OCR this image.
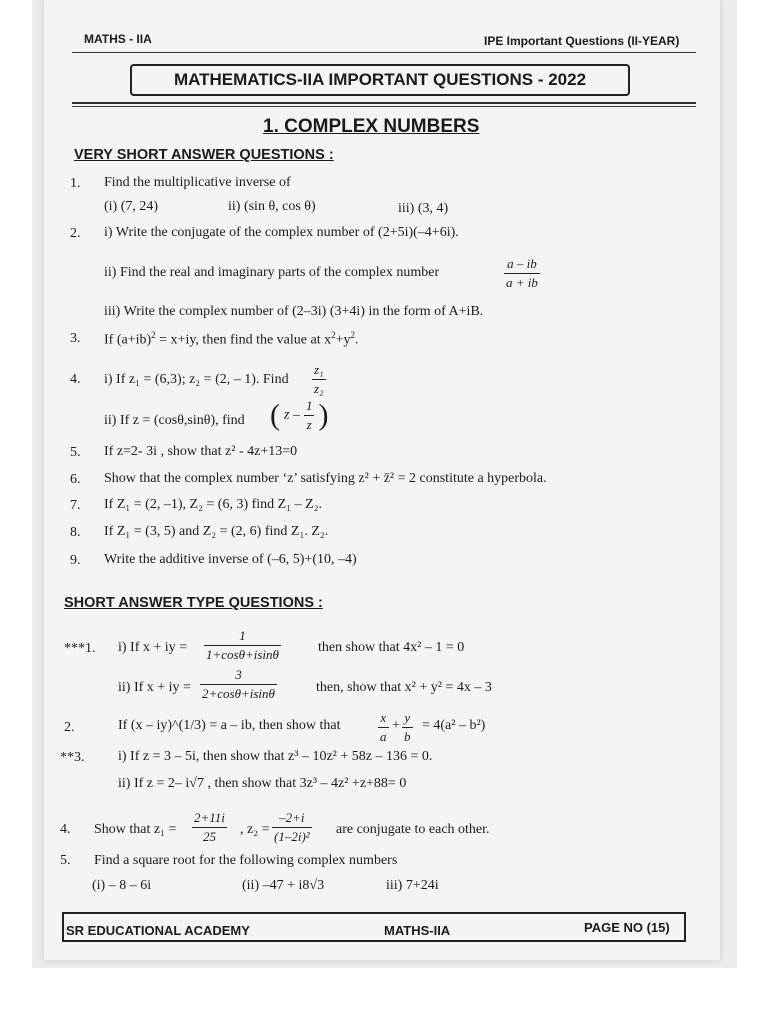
MATHS - IIA	IPE Important Questions (II-YEAR)
MATHEMATICS-IIA IMPORTANT QUESTIONS - 2022
1. COMPLEX NUMBERS
VERY SHORT ANSWER QUESTIONS :
1. Find the multiplicative inverse of
(i) (7, 24)	ii) (sin θ, cos θ)	iii) (3, 4)
2. i) Write the conjugate of the complex number of (2+5i)(–4+6i).
ii) Find the real and imaginary parts of the complex number	$\frac{a - ib}{a + ib}$
iii) Write the complex number of (2–3i) (3+4i) in the form of A+iB.
3. If $(a+ib)^2 = x+iy$, then find the value at $x^2+y^2$.
4. i) If z₁ = (6,3); z₂ = (2, – 1). Find $\frac{\text{z₁}}{\text{z₂}}$
ii) If z = (cosθ,sinθ), find ( z – $\frac{1}{z}$ )
5. If z=2- 3i , show that z² - 4z+13=0
6. Show that the complex number ‘z’ satisfying z² + z̄² = 2 constitute a hyperbola.
7. If Z₁ = (2, –1), Z₂ = (6, 3) find Z₁ – Z₂.
8. If Z₁ = (3, 5) and Z₂ = (2, 6) find Z₁. Z₂.
9. Write the additive inverse of (–6, 5)+(10, –4)
SHORT ANSWER TYPE QUESTIONS :
***1. i) If x + iy = $\frac{1}{1+\cos\theta+isin\theta}$	then show that 4x² – 1 = 0
ii) If x + iy = $\frac{3}{2+\cos\theta+isin\theta}$	then, show that x² + y² = 4x – 3
2.	If (x – iy)^(1/3) = a – ib, then show that	$\frac{x}{a} + \frac{y}{b} = 4(a^2 - b^2)$
**3. i) If z = 3 – 5i, then show that z³ – 10z² + 58z – 136 = 0.
ii) If z = 2– i√7 , then show that 3z³ – 4z² +z+88= 0
4. Show that $z_1 = \frac{2+11i}{25}$ , $z_2 = \frac{-2+i}{\text{(1–2i)²}}$ are conjugate to each other.
5. Find a square root for the following complex numbers
(i) – 8 – 6i	(ii) –47 + i8√3	iii) 7+24i
SR EDUCATIONAL ACADEMY	MATHS-IIA	PAGE NO (15)
